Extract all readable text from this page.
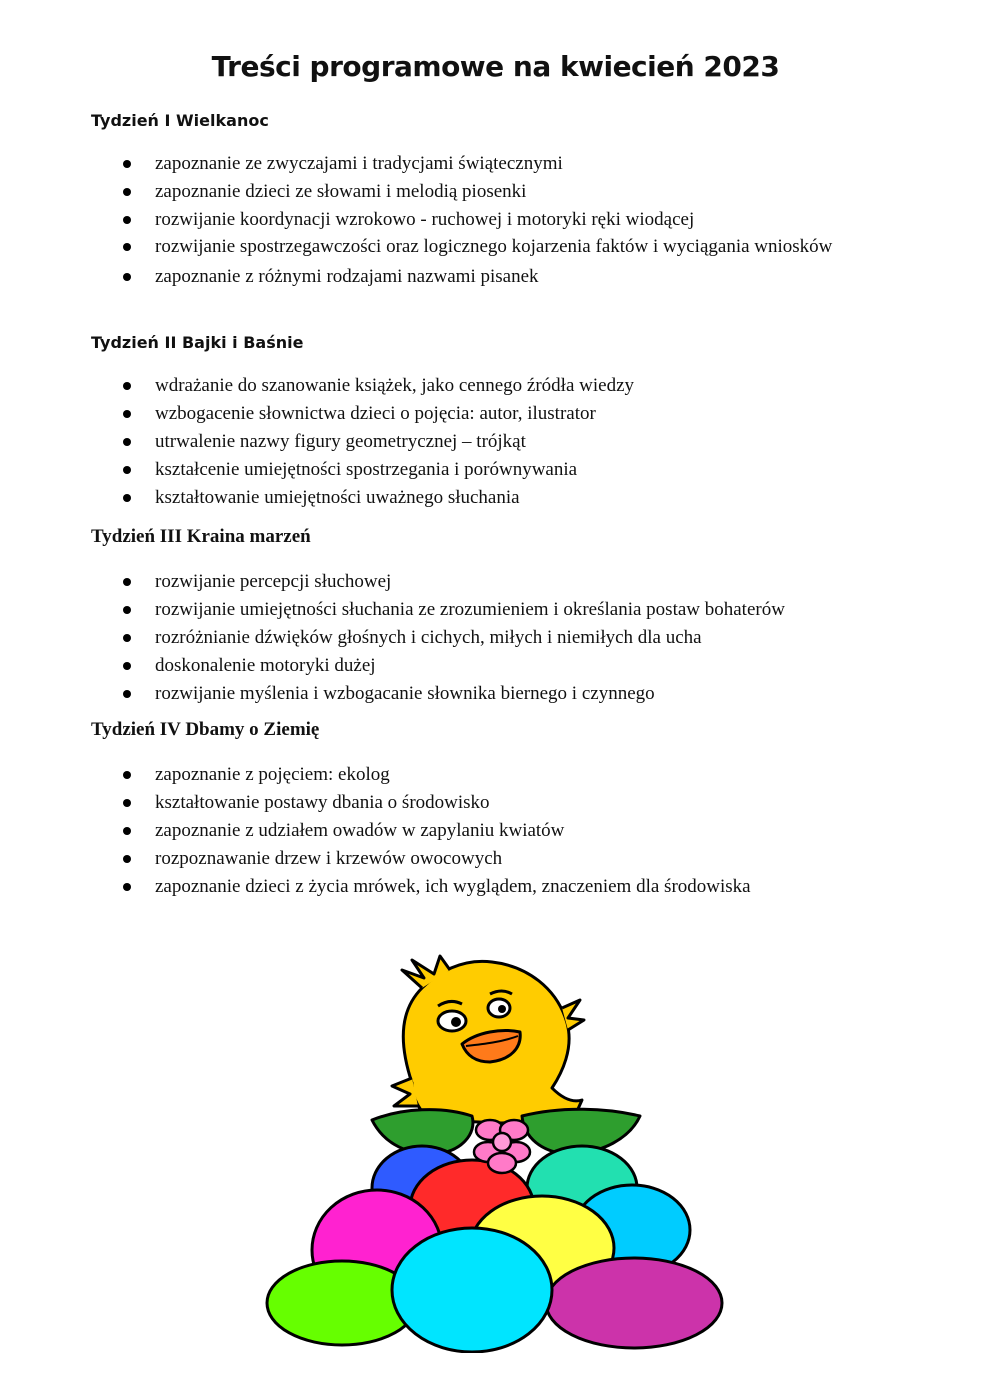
Treści programowe na kwiecień 2023
Tydzień I Wielkanoc
zapoznanie ze zwyczajami i tradycjami świątecznymi
zapoznanie dzieci ze słowami i melodią piosenki
rozwijanie koordynacji wzrokowo - ruchowej i motoryki ręki wiodącej
rozwijanie spostrzegawczości oraz logicznego kojarzenia faktów i wyciągania wniosków
zapoznanie z różnymi rodzajami nazwami pisanek
Tydzień II Bajki i Baśnie
wdrażanie do szanowanie książek, jako cennego źródła wiedzy
wzbogacenie słownictwa dzieci o pojęcia: autor, ilustrator
utrwalenie nazwy figury geometrycznej – trójkąt
kształcenie umiejętności spostrzegania i porównywania
kształtowanie umiejętności uważnego słuchania
Tydzień III Kraina marzeń
rozwijanie percepcji słuchowej
rozwijanie umiejętności słuchania ze zrozumieniem i określania postaw bohaterów
rozróżnianie dźwięków głośnych i cichych, miłych i niemiłych dla ucha
doskonalenie motoryki dużej
rozwijanie myślenia i wzbogacanie słownika biernego i czynnego
Tydzień IV Dbamy o Ziemię
zapoznanie z pojęciem: ekolog
kształtowanie postawy dbania o środowisko
zapoznanie z udziałem owadów w zapylaniu kwiatów
rozpoznawanie drzew i krzewów owocowych
zapoznanie dzieci z życia mrówek, ich wyglądem, znaczeniem dla środowiska
